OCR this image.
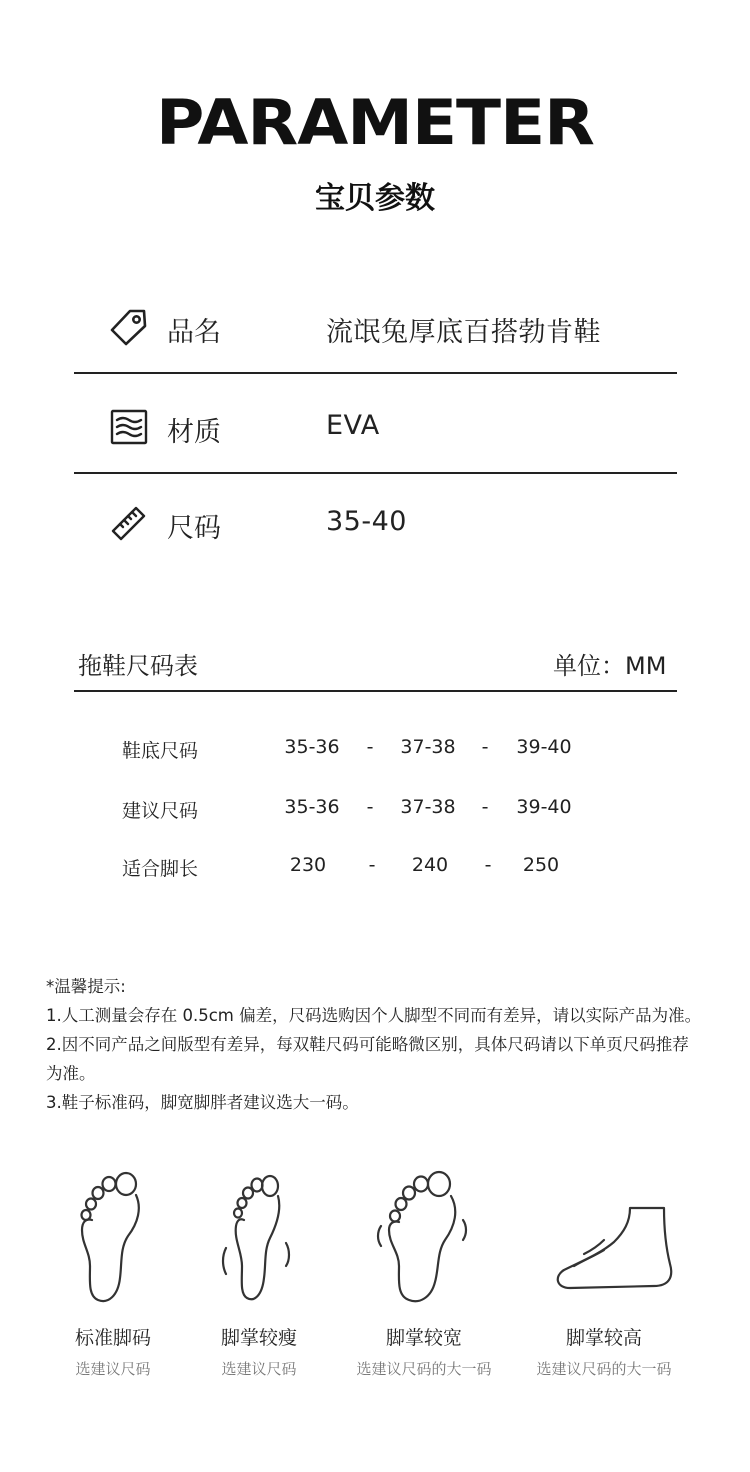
PARAMETER
宝贝参数
品名	流氓兔厚底百搭勃肯鞋
材质	EVA
尺码	35-40
拖鞋尺码表	单位：MM
鞋底尺码	35-36	-	37-38	-	39-40
建议尺码	35-36	-	37-38	-	39-40
适合脚长	230	-	240	-	250
*温馨提示:
1.人工测量会存在 0.5cm 偏差，尺码选购因个人脚型不同而有差异，请以实际产品为准。
2.因不同产品之间版型有差异，每双鞋尺码可能略微区别，具体尺码请以下单页尺码推荐
为准。
3.鞋子标准码，脚宽脚胖者建议选大一码。
标准脚码
选建议尺码
脚掌较瘦
选建议尺码
脚掌较宽
选建议尺码的大一码
脚掌较高
选建议尺码的大一码
